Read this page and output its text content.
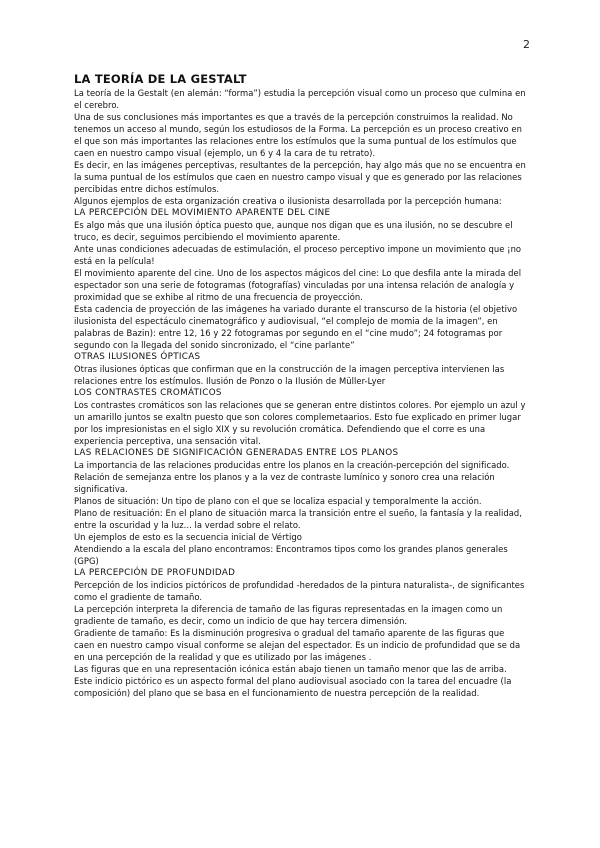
2
LA TEORÍA DE LA GESTALT

La teoría de la Gestalt (en alemán: “forma”) estudia la percepción visual como un proceso que culmina en el cerebro.

Una de sus conclusiones más importantes es que a través de la percepción construimos la realidad. No tenemos un acceso al mundo, según los estudiosos de la Forma. La percepción es un proceso creativo en el que son más importantes las relaciones entre los estímulos que la suma puntual de los estímulos que caen en nuestro campo visual (ejemplo, un 6 y 4 la cara de tu retrato).

Es decir, en las imágenes perceptivas, resultantes de la percepción, hay algo más que no se encuentra en la suma puntual de los estímulos que caen en nuestro campo visual y que es generado por las relaciones percibidas entre dichos estímulos.

Algunos ejemplos de esta organización creativa o ilusionista desarrollada por la percepción humana:

LA PERCEPCIÓN DEL MOVIMIENTO APARENTE DEL CINE

Es algo más que una ilusión óptica puesto que, aunque nos digan que es una ilusión, no se descubre el truco, es decir, seguimos percibiendo el movimiento aparente.

Ante unas condiciones adecuadas de estimulación, el proceso perceptivo impone un movimiento que ¡no está en la película!

El movimiento aparente del cine. Uno de los aspectos mágicos del cine: Lo que desfila ante la mirada del espectador son una serie de fotogramas (fotografías) vinculadas por una intensa relación de analogía y proximidad que se exhibe al ritmo de una frecuencia de proyección.

Esta cadencia de proyección de las imágenes ha variado durante el transcurso de la historia (el objetivo ilusionista del espectáculo cinematográfico y audiovisual, “el complejo de momia de la imagen”, en palabras de Bazin): entre 12, 16 y 22 fotogramas por segundo en el “cine mudo”; 24 fotogramas por segundo con la llegada del sonido sincronizado, el “cine parlante”

OTRAS ILUSIONES ÓPTICAS

Otras ilusiones ópticas que confirman que en la construcción de la imagen perceptiva intervienen las relaciones entre los estímulos. Ilusión de Ponzo o la Ilusión de Müller-Lyer

LOS CONTRASTES CROMÁTICOS

Los contrastes cromáticos son las relaciones que se generan entre distintos colores. Por ejemplo un azul y un amarillo juntos se exaltn puesto que son colores complemetaarios. Esto fue explicado en primer lugar por los impresionistas en el siglo XIX y su revolución cromática. Defendiendo que el corre es una experiencia perceptiva, una sensación vital.

LAS RELACIONES DE SIGNIFICACIÓN GENERADAS ENTRE LOS PLANOS

La importancia de las relaciones producidas entre los planos en la creación-percepción del significado. Relación de semejanza entre los planos y a la vez de contraste lumínico y sonoro crea una relación significativa.

Planos de situación: Un tipo de plano con el que se localiza espacial y temporalmente la acción.

Plano de resituación: En el plano de situación marca la transición entre el sueño, la fantasía y la realidad, entre la oscuridad y la luz... la verdad sobre el relato.

Un ejemplos de esto es la secuencia inicial de Vértigo

Atendiendo a la escala del plano encontramos: Encontramos tipos como los grandes planos generales (GPG)

LA PERCEPCIÓN DE PROFUNDIDAD

Percepción de los indicios pictóricos de profundidad -heredados de la pintura naturalista-, de significantes como el gradiente de tamaño.

La percepción interpreta la diferencia de tamaño de las figuras representadas en la imagen como un gradiente de tamaño, es decir, como un indicio de que hay tercera dimensión.

Gradiente de tamaño: Es la disminución progresiva o gradual del tamaño aparente de las figuras que caen en nuestro campo visual conforme se alejan del espectador. Es un indicio de profundidad que se da en una percepción de la realidad y que es utilizado por las imágenes .

Las figuras que en una representación icónica están abajo tienen un tamaño menor que las de arriba. Este indicio pictórico es un aspecto formal del plano audiovisual asociado con la tarea del encuadre (la composición) del plano que se basa en el funcionamiento de nuestra percepción de la realidad.
